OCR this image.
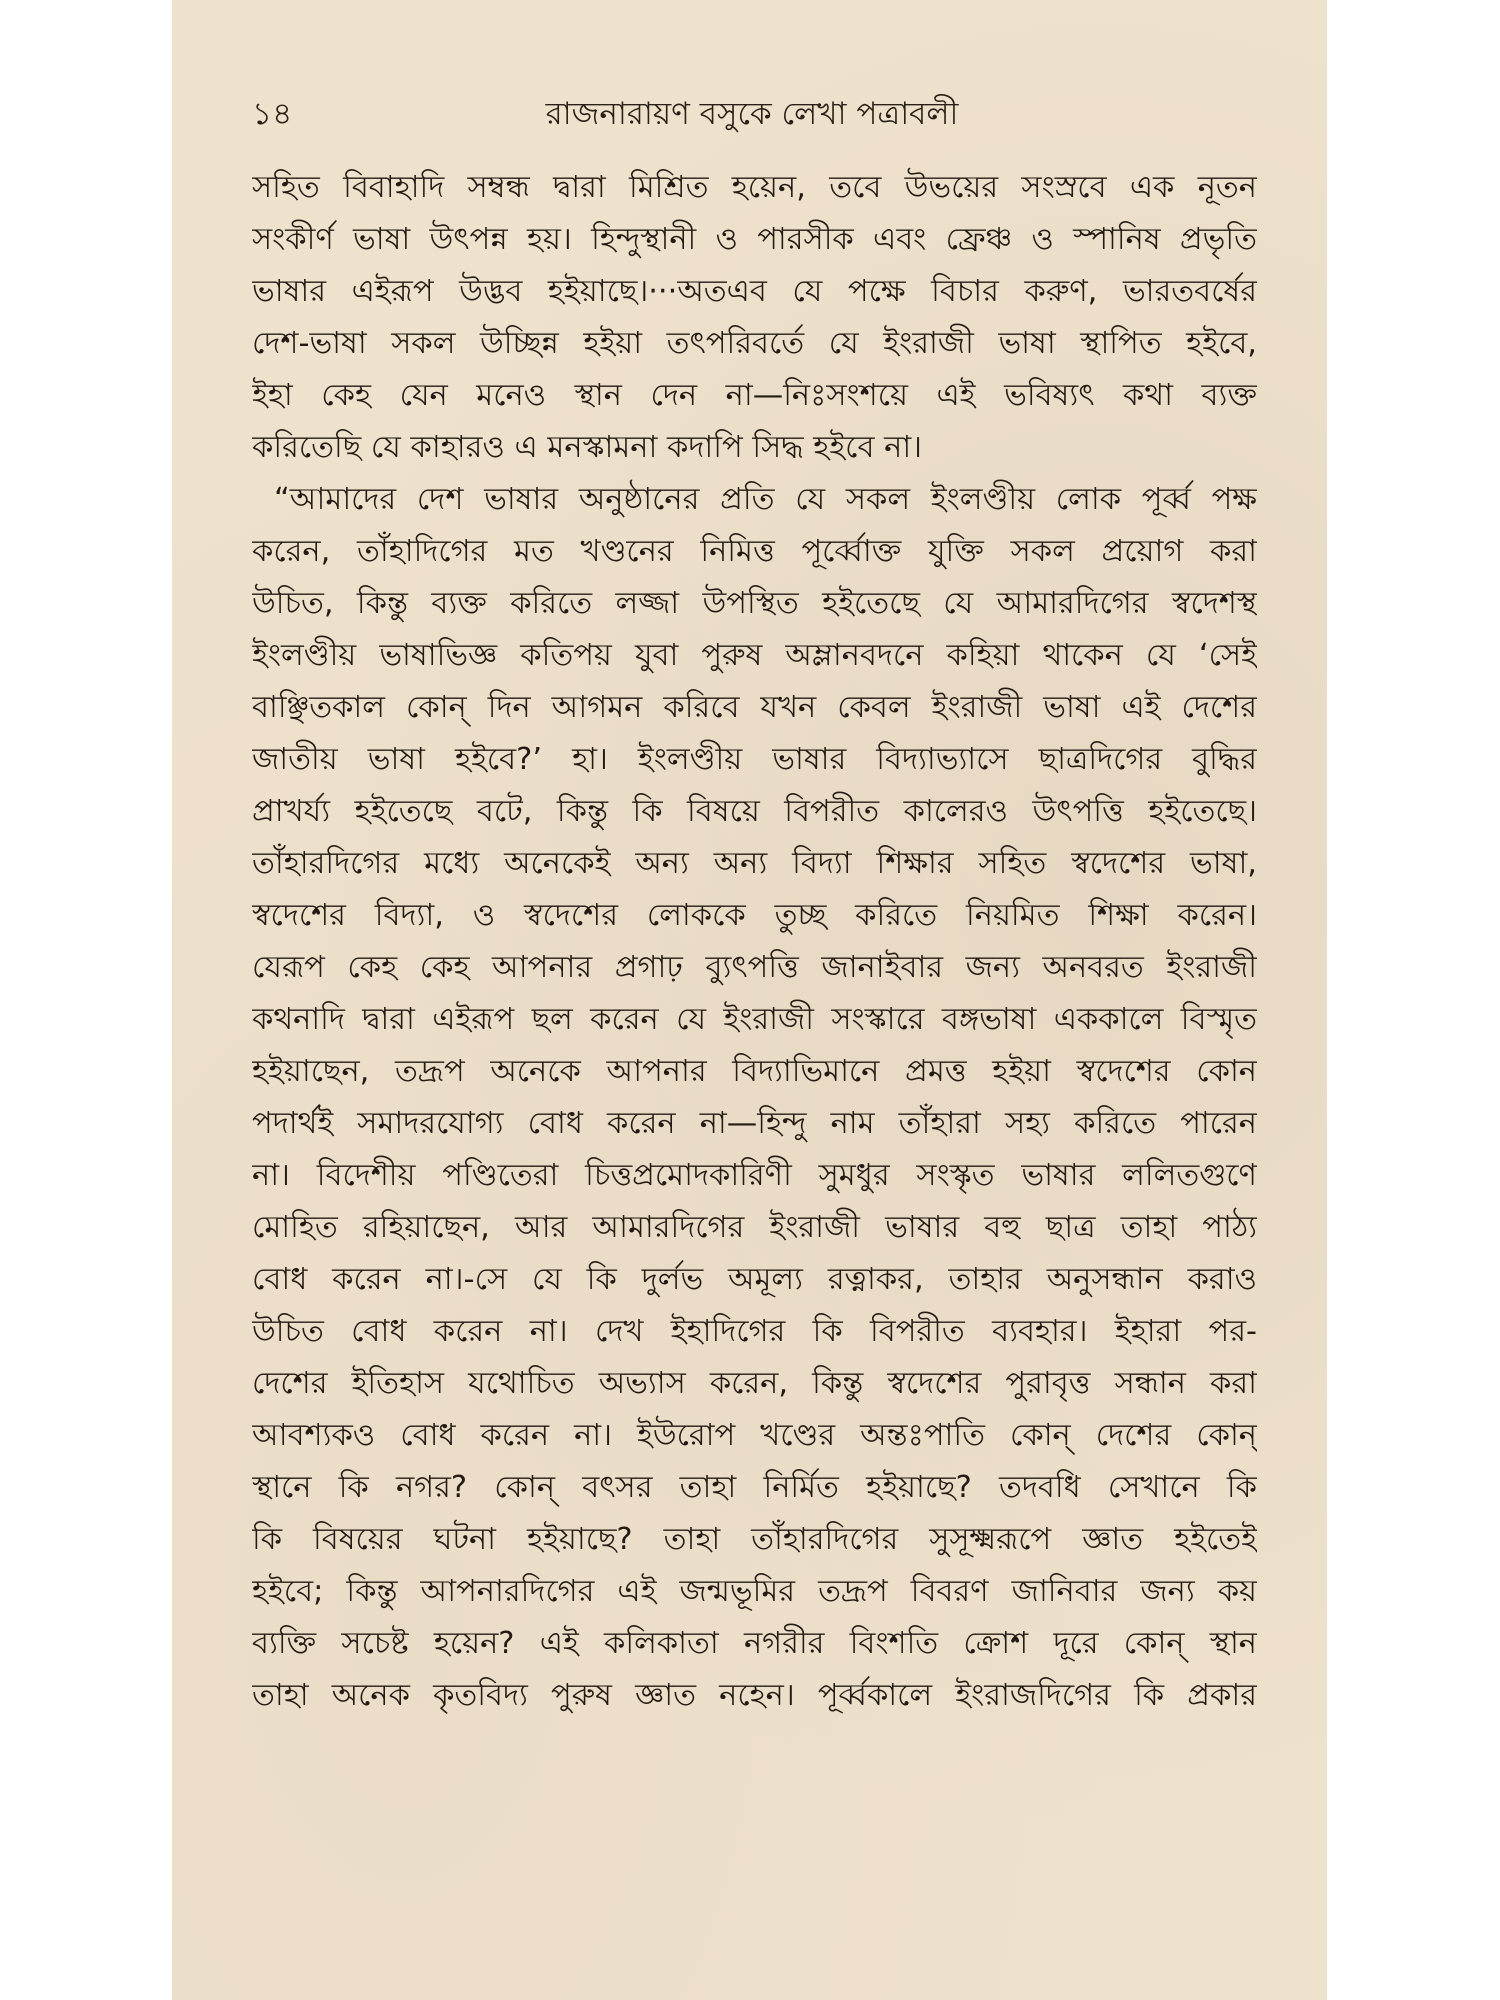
১৪	রাজনারায়ণ বসুকে লেখা পত্রাবলী
সহিত বিবাহাদি সম্বন্ধ দ্বারা মিশ্রিত হয়েন, তবে উভয়ের সংস্রবে এক নূতন
সংকীর্ণ ভাষা উৎপন্ন হয়। হিন্দুস্থানী ও পারসীক এবং ফ্রেঞ্চ ও স্পানিষ প্রভৃতি
ভাষার এইরূপ উদ্ভব হইয়াছে।···অতএব যে পক্ষে বিচার করুণ, ভারতবর্ষের
দেশ-ভাষা সকল উচ্ছিন্ন হইয়া তৎপরিবর্তে যে ইংরাজী ভাষা স্থাপিত হইবে,
ইহা কেহ যেন মনেও স্থান দেন না—নিঃসংশয়ে এই ভবিষ্যৎ কথা ব্যক্ত
করিতেছি যে কাহারও এ মনস্কামনা কদাপি সিদ্ধ হইবে না।
“আমাদের দেশ ভাষার অনুষ্ঠানের প্রতি যে সকল ইংলণ্ডীয় লোক পূর্ব্ব পক্ষ
করেন, তাঁহাদিগের মত খণ্ডনের নিমিত্ত পূর্ব্বোক্ত যুক্তি সকল প্রয়োগ করা
উচিত, কিন্তু ব্যক্ত করিতে লজ্জা উপস্থিত হইতেছে যে আমারদিগের স্বদেশস্থ
ইংলণ্ডীয় ভাষাভিজ্ঞ কতিপয় যুবা পুরুষ অম্লানবদনে কহিয়া থাকেন যে ‘সেই
বাঞ্ছিতকাল কোন্ দিন আগমন করিবে যখন কেবল ইংরাজী ভাষা এই দেশের
জাতীয় ভাষা হইবে?’ হা। ইংলণ্ডীয় ভাষার বিদ্যাভ্যাসে ছাত্রদিগের বুদ্ধির
প্রাখর্য্য হইতেছে বটে, কিন্তু কি বিষয়ে বিপরীত কালেরও উৎপত্তি হইতেছে।
তাঁহারদিগের মধ্যে অনেকেই অন্য অন্য বিদ্যা শিক্ষার সহিত স্বদেশের ভাষা,
স্বদেশের বিদ্যা, ও স্বদেশের লোককে তুচ্ছ করিতে নিয়মিত শিক্ষা করেন।
যেরূপ কেহ কেহ আপনার প্রগাঢ় ব্যুৎপত্তি জানাইবার জন্য অনবরত ইংরাজী
কথনাদি দ্বারা এইরূপ ছল করেন যে ইংরাজী সংস্কারে বঙ্গভাষা এককালে বিস্মৃত
হইয়াছেন, তদ্রূপ অনেকে আপনার বিদ্যাভিমানে প্রমত্ত হইয়া স্বদেশের কোন
পদার্থই সমাদরযোগ্য বোধ করেন না—হিন্দু নাম তাঁহারা সহ্য করিতে পারেন
না। বিদেশীয় পণ্ডিতেরা চিত্তপ্রমোদকারিণী সুমধুর সংস্কৃত ভাষার ললিতগুণে
মোহিত রহিয়াছেন, আর আমারদিগের ইংরাজী ভাষার বহু ছাত্র তাহা পাঠ্য
বোধ করেন না।-সে যে কি দুর্লভ অমূল্য রত্নাকর, তাহার অনুসন্ধান করাও
উচিত বোধ করেন না। দেখ ইহাদিগের কি বিপরীত ব্যবহার। ইহারা পর-
দেশের ইতিহাস যথোচিত অভ্যাস করেন, কিন্তু স্বদেশের পুরাবৃত্ত সন্ধান করা
আবশ্যকও বোধ করেন না। ইউরোপ খণ্ডের অন্তঃপাতি কোন্ দেশের কোন্
স্থানে কি নগর? কোন্ বৎসর তাহা নির্মিত হইয়াছে? তদবধি সেখানে কি
কি বিষয়ের ঘটনা হইয়াছে? তাহা তাঁহারদিগের সুসূক্ষ্মরূপে জ্ঞাত হইতেই
হইবে; কিন্তু আপনারদিগের এই জন্মভূমির তদ্রূপ বিবরণ জানিবার জন্য কয়
ব্যক্তি সচেষ্ট হয়েন? এই কলিকাতা নগরীর বিংশতি ক্রোশ দূরে কোন্ স্থান
তাহা অনেক কৃতবিদ্য পুরুষ জ্ঞাত নহেন। পূর্ব্বকালে ইংরাজদিগের কি প্রকার
